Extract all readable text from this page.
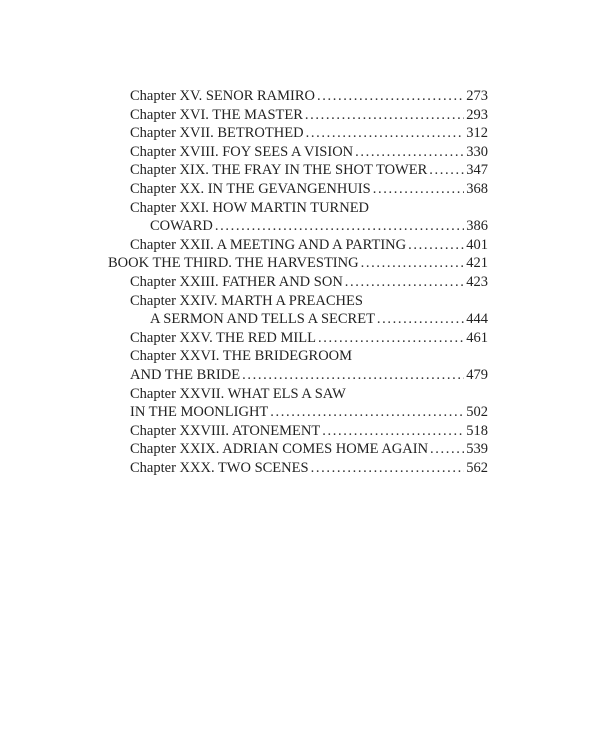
Chapter XV. SENOR RAMIRO . . .	273
Chapter XVI. THE MASTER . . .	293
Chapter XVII. BETROTHED . . .	312
Chapter XVIII. FOY SEES A VISION . . .	330
Chapter XIX. THE FRAY IN THE SHOT TOWER . . .	347
Chapter XX. IN THE GEVANGENHUIS . . .	368
Chapter XXI. HOW MARTIN TURNED
COWARD . . .	386
Chapter XXII. A MEETING AND A PARTING . . .	401
BOOK THE THIRD. THE HARVESTING . . .	421
Chapter XXIII. FATHER AND SON . . .	423
Chapter XXIV. MARTH A PREACHES
A SERMON AND TELLS A SECRET . . .	444
Chapter XXV. THE RED MILL . . .	461
Chapter XXVI. THE BRIDEGROOM
AND THE BRIDE . . .	479
Chapter XXVII. WHAT ELS A SAW
IN THE MOONLIGHT . . .	502
Chapter XXVIII. ATONEMENT . . .	518
Chapter XXIX. ADRIAN COMES HOME AGAIN . . .	539
Chapter XXX. TWO SCENES . . .	562
